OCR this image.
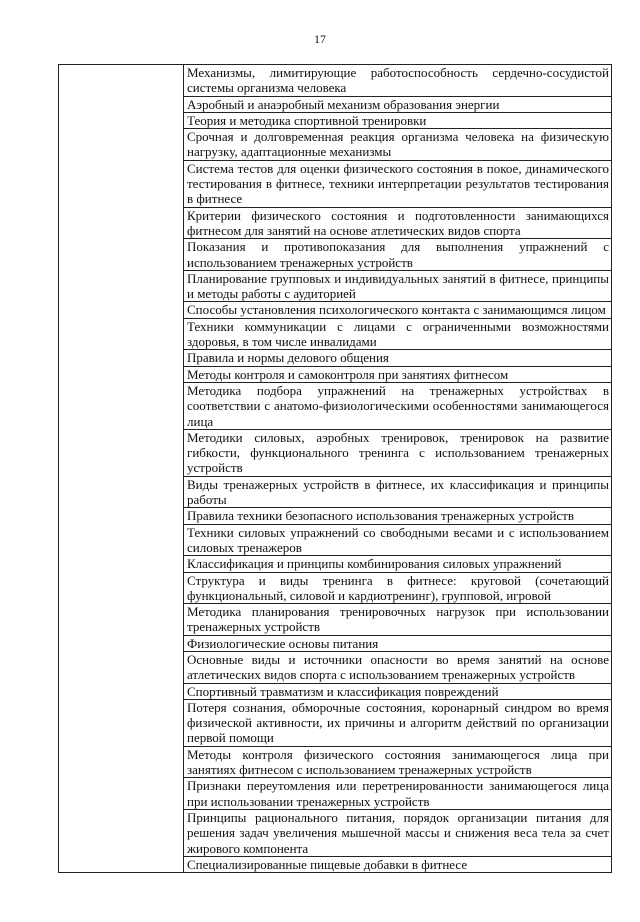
17

Механизмы, лимитирующие работоспособность сердечно-сосудистой системы организма человека
Аэробный и анаэробный механизм образования энергии
Теория и методика спортивной тренировки
Срочная и долговременная реакция организма человека на физическую нагрузку, адаптационные механизмы
Система тестов для оценки физического состояния в покое, динамического тестирования в фитнесе, техники интерпретации результатов тестирования в фитнесе
Критерии физического состояния и подготовленности занимающихся фитнесом для занятий на основе атлетических видов спорта
Показания и противопоказания для выполнения упражнений с использованием тренажерных устройств
Планирование групповых и индивидуальных занятий в фитнесе, принципы и методы работы с аудиторией
Способы установления психологического контакта с занимающимся лицом
Техники коммуникации с лицами с ограниченными возможностями здоровья, в том числе инвалидами
Правила и нормы делового общения
Методы контроля и самоконтроля при занятиях фитнесом
Методика подбора упражнений на тренажерных устройствах в соответствии с анатомо-физиологическими особенностями занимающегося лица
Методики силовых, аэробных тренировок, тренировок на развитие гибкости, функционального тренинга с использованием тренажерных устройств
Виды тренажерных устройств в фитнесе, их классификация и принципы работы
Правила техники безопасного использования тренажерных устройств
Техники силовых упражнений со свободными весами и с использованием силовых тренажеров
Классификация и принципы комбинирования силовых упражнений
Структура и виды тренинга в фитнесе: круговой (сочетающий функциональный, силовой и кардиотренинг), групповой, игровой
Методика планирования тренировочных нагрузок при использовании тренажерных устройств
Физиологические основы питания
Основные виды и источники опасности во время занятий на основе атлетических видов спорта с использованием тренажерных устройств
Спортивный травматизм и классификация повреждений
Потеря сознания, обморочные состояния, коронарный синдром во время физической активности, их причины и алгоритм действий по организации первой помощи
Методы контроля физического состояния занимающегося лица при занятиях фитнесом с использованием тренажерных устройств
Признаки переутомления или перетренированности занимающегося лица при использовании тренажерных устройств
Принципы рационального питания, порядок организации питания для решения задач увеличения мышечной массы и снижения веса тела за счет жирового компонента
Специализированные пищевые добавки в фитнесе
